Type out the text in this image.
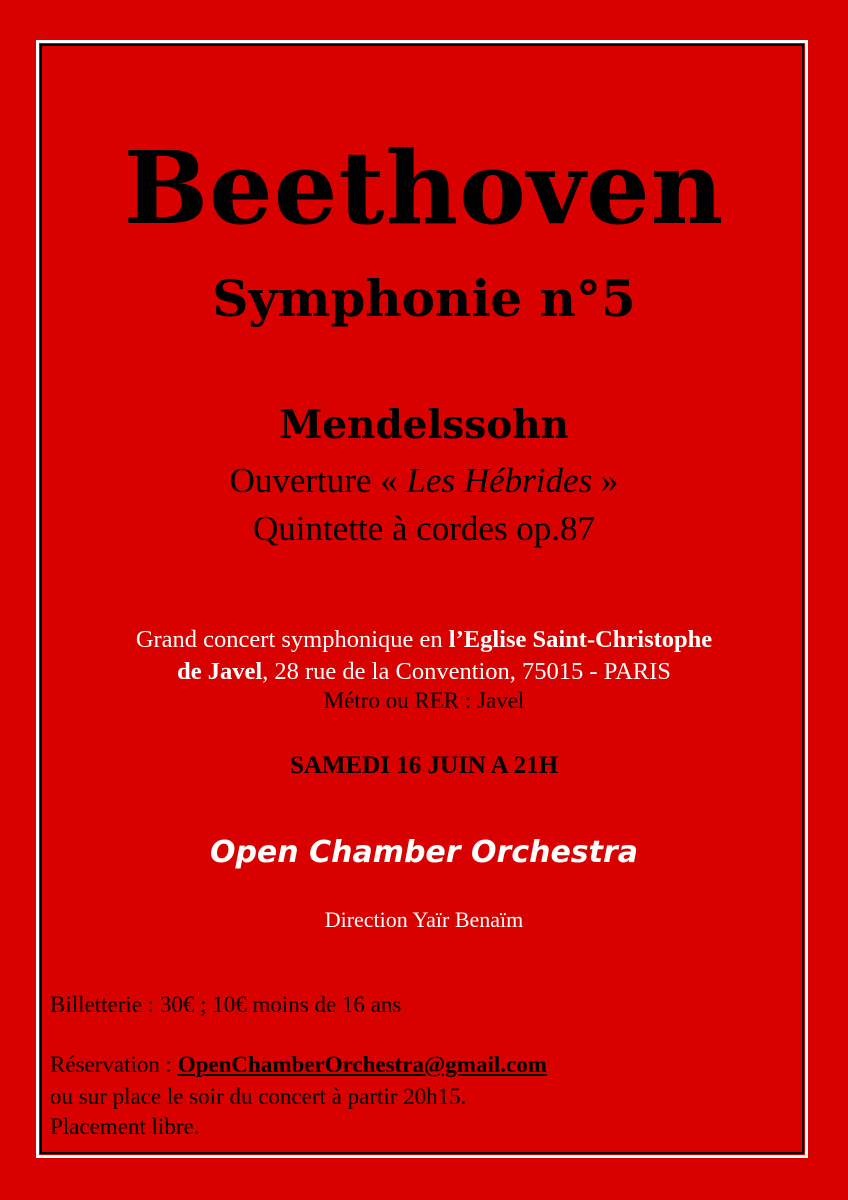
Beethoven
Symphonie n°5
Mendelssohn

Ouverture « Les Hébrides »

Quintette à cordes op.87

Grand concert symphonique en l’Eglise Saint-Christophe

de Javel, 28 rue de la Convention, 75015 - PARIS

Métro ou RER : Javel

SAMEDI 16 JUIN A 21H

Open Chamber Orchestra

Direction Yaïr Benaïm

Billetterie : 30€ ; 10€ moins de 16 ans

Réservation : OpenChamberOrchestra@gmail.com

ou sur place le soir du concert à partir 20h15.

Placement libre.
